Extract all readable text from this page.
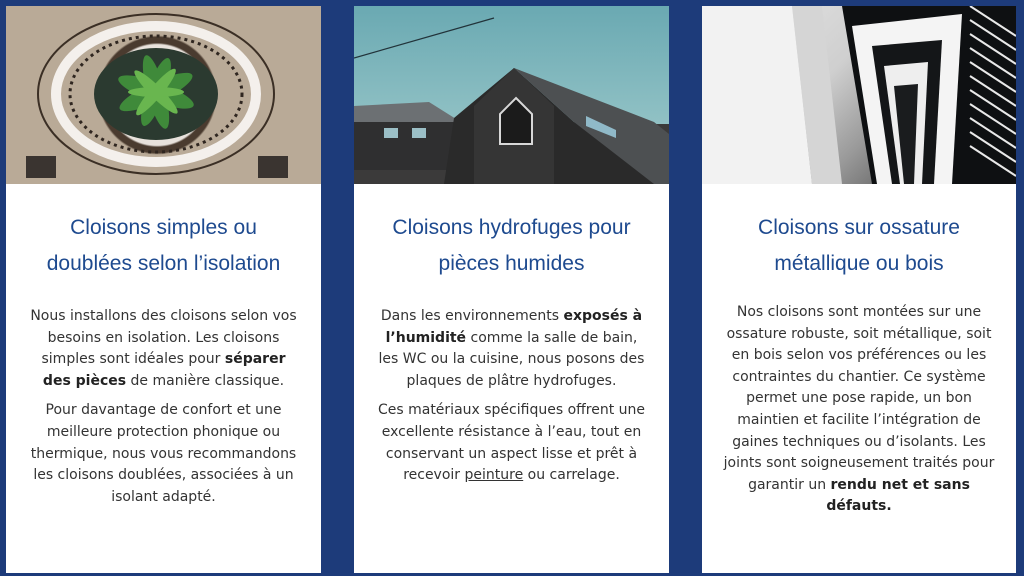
Cloisons simples ou
doublées selon l’isolation

Nous installons des cloisons selon vos besoins en isolation. Les cloisons simples sont idéales pour séparer des pièces de manière classique.

Pour davantage de confort et une meilleure protection phonique ou thermique, nous vous recommandons les cloisons doublées, associées à un isolant adapté.

Cloisons hydrofuges pour
pièces humides

Dans les environnements exposés à l’humidité comme la salle de bain, les WC ou la cuisine, nous posons des plaques de plâtre hydrofuges.

Ces matériaux spécifiques offrent une excellente résistance à l’eau, tout en conservant un aspect lisse et prêt à recevoir peinture ou carrelage.

Cloisons sur ossature
métallique ou bois

Nos cloisons sont montées sur une ossature robuste, soit métallique, soit en bois selon vos préférences ou les contraintes du chantier. Ce système permet une pose rapide, un bon maintien et facilite l’intégration de gaines techniques ou d’isolants. Les joints sont soigneusement traités pour garantir un rendu net et sans défauts.
